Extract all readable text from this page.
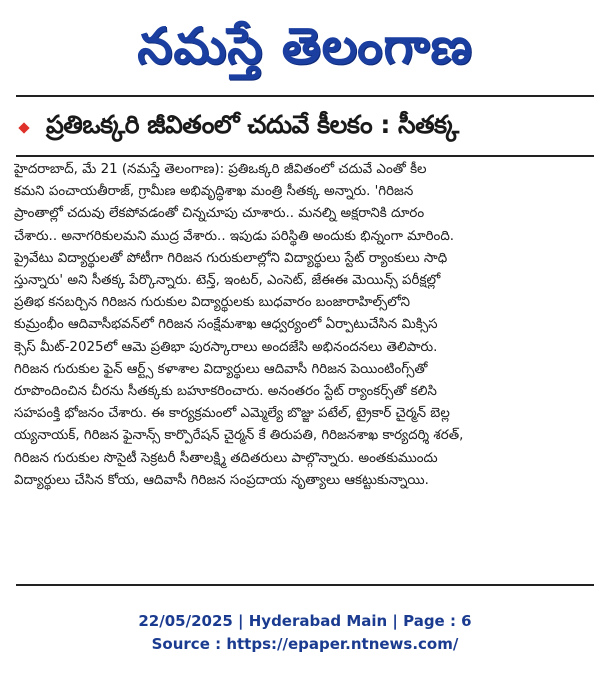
నమస్తే తెలంగాణ
ప్రతిఒక్కరి జీవితంలో చదువే కీలకం : సీతక్క
హైదరాబాద్, మే 21 (నమస్తే తెలంగాణ): ప్రతిఒక్కరి జీవితంలో చదువే ఎంతో కీల
కమని పంచాయతీరాజ్, గ్రామీణ అభివృద్ధిశాఖ మంత్రి సీతక్క అన్నారు. 'గిరిజన
ప్రాంతాల్లో చదువు లేకపోవడంతో చిన్నచూపు చూశారు.. మనల్ని అక్షరానికి దూరం
చేశారు.. అనాగరికులమని ముద్ర వేశారు.. ఇపుడు పరిస్థితి అందుకు భిన్నంగా మారింది.
ప్రైవేటు విద్యార్థులతో పోటీగా గిరిజన గురుకులాల్లోని విద్యార్థులు స్టేట్ ర్యాంకులు సాధి
స్తున్నారు' అని సీతక్క పేర్కొన్నారు. టెన్త్, ఇంటర్, ఎంసెట్, జేఈఈ మెయిన్స్ పరీక్షల్లో
ప్రతిభ కనబర్చిన గిరిజన గురుకుల విద్యార్థులకు బుధవారం బంజారాహిల్స్‌లోని
కుమ్రంభీం ఆదివాసీభవన్‌లో గిరిజన సంక్షేమశాఖ ఆధ్వర్యంలో ఏర్పాటుచేసిన మిక్సిస
క్సెస్ మీట్-2025లో ఆమె ప్రతిభా పురస్కారాలు అందజేసి అభినందనలు తెలిపారు.
గిరిజన గురుకుల ఫైన్ ఆర్ట్స్ కళాశాల విద్యార్థులు ఆదివాసీ గిరిజన పెయింటింగ్స్‌తో
రూపొందించిన చీరను సీతక్కకు బహూకరించారు. అనంతరం స్టేట్ ర్యాంకర్స్‌తో కలిసి
సహపంక్తి భోజనం చేశారు. ఈ కార్యక్రమంలో ఎమ్మెల్యే బొజ్జు పటేల్, ట్రైకార్ చైర్మన్ బెల్ల
య్యనాయక్, గిరిజన ఫైనాన్స్ కార్పొరేషన్ చైర్మన్ కే తిరుపతి, గిరిజనశాఖ కార్యదర్శి శరత్,
గిరిజన గురుకుల సొసైటీ సెక్రటరీ సీతాలక్ష్మి తదితరులు పాల్గొన్నారు. అంతకుముందు
విద్యార్థులు చేసిన కోయ, ఆదివాసీ గిరిజన సంప్రదాయ నృత్యాలు ఆకట్టుకున్నాయి.
22/05/2025 | Hyderabad Main | Page : 6
Source : https://epaper.ntnews.com/
